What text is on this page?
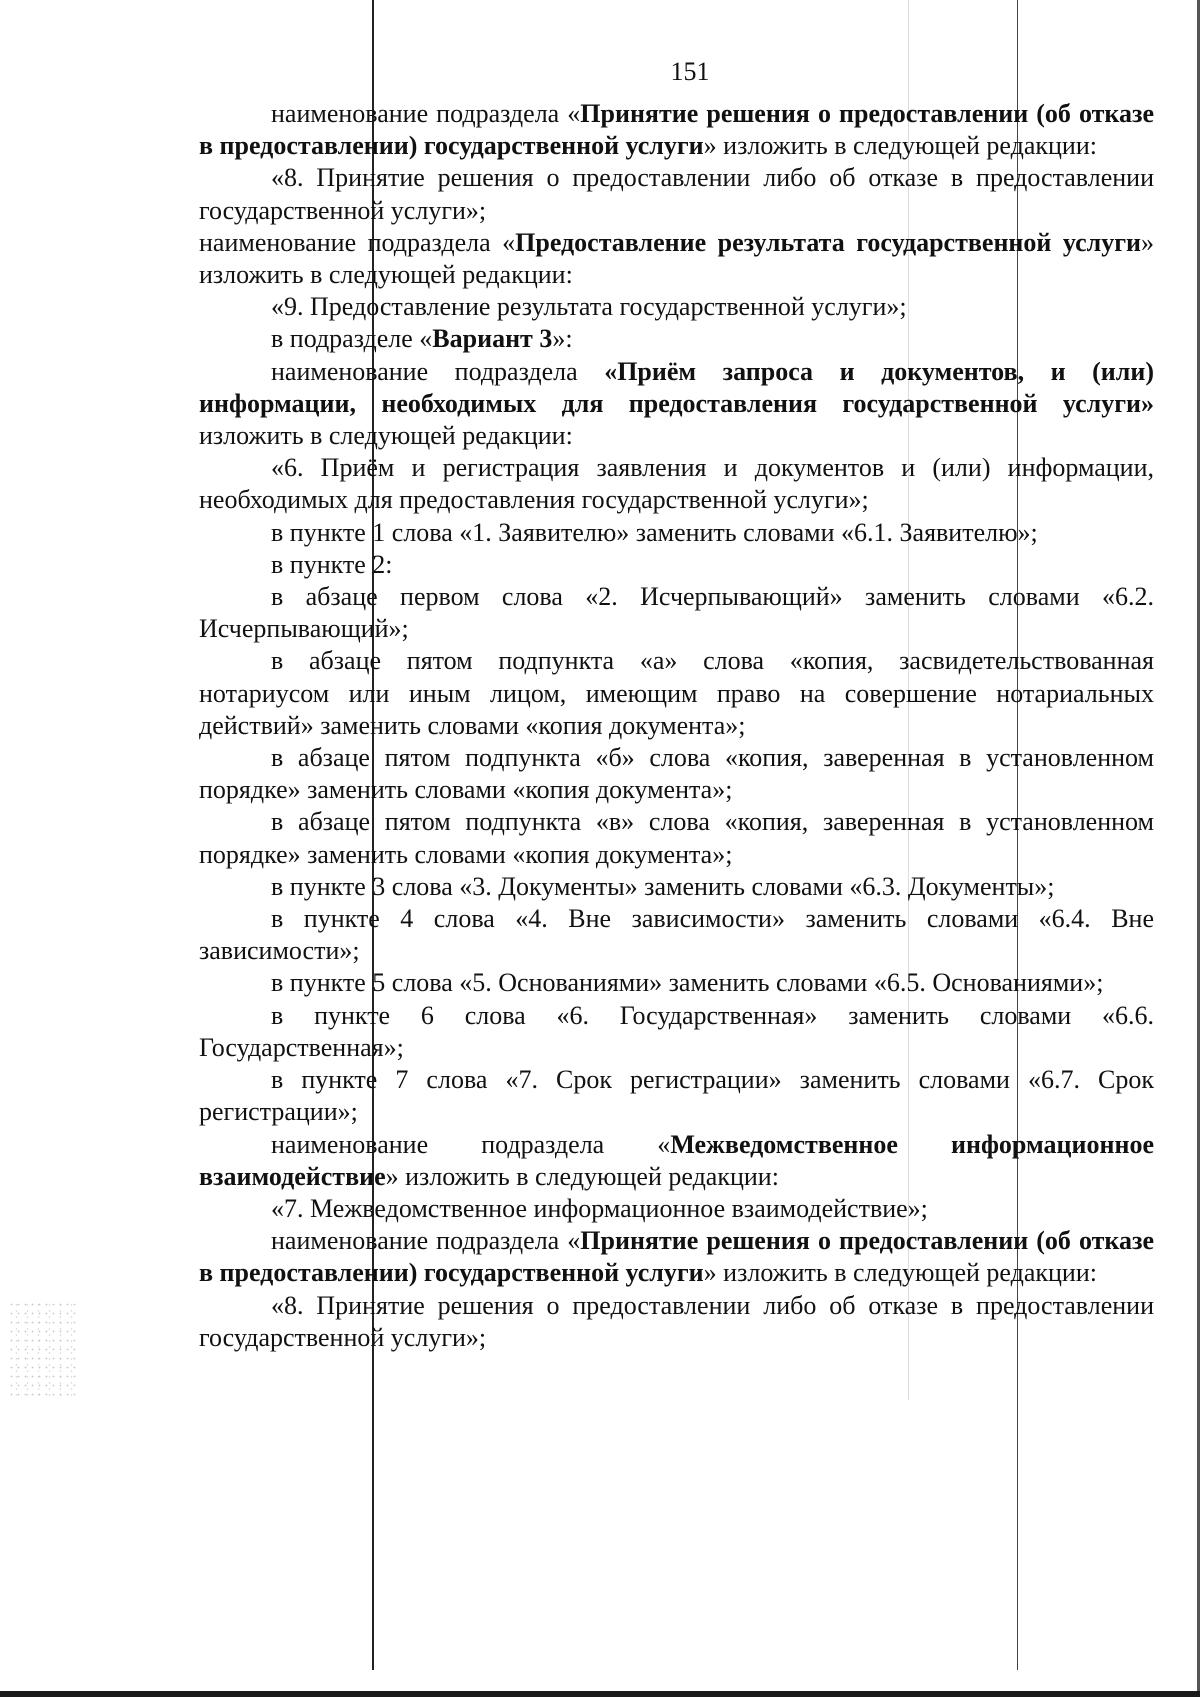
151

наименование подраздела «Принятие решения о предоставлении (об отказе в предоставлении) государственной услуги» изложить в следующей редакции:

«8. Принятие решения о предоставлении либо об отказе в предоставлении государственной услуги»;

наименование подраздела «Предоставление результата государственной услуги» изложить в следующей редакции:

«9. Предоставление результата государственной услуги»;

в подразделе «Вариант 3»:

наименование подраздела «Приём запроса и документов, и (или) информации, необходимых для предоставления государственной услуги» изложить в следующей редакции:

«6. Приём и регистрация заявления и документов и (или) информации, необходимых для предоставления государственной услуги»;

в пункте 1 слова «1. Заявителю» заменить словами «6.1. Заявителю»;

в пункте 2:

в абзаце первом слова «2. Исчерпывающий» заменить словами «6.2. Исчерпывающий»;

в абзаце пятом подпункта «а» слова «копия, засвидетельствованная нотариусом или иным лицом, имеющим право на совершение нотариальных действий» заменить словами «копия документа»;

в абзаце пятом подпункта «б» слова «копия, заверенная в установленном порядке» заменить словами «копия документа»;

в абзаце пятом подпункта «в» слова «копия, заверенная в установленном порядке» заменить словами «копия документа»;

в пункте 3 слова «3. Документы» заменить словами «6.3. Документы»;

в пункте 4 слова «4. Вне зависимости» заменить словами «6.4. Вне зависимости»;

в пункте 5 слова «5. Основаниями» заменить словами «6.5. Основаниями»;

в пункте 6 слова «6. Государственная» заменить словами «6.6. Государственная»;

в пункте 7 слова «7. Срок регистрации» заменить словами «6.7. Срок регистрации»;

наименование подраздела «Межведомственное информационное взаимодействие» изложить в следующей редакции:

«7. Межведомственное информационное взаимодействие»;

наименование подраздела «Принятие решения о предоставлении (об отказе в предоставлении) государственной услуги» изложить в следующей редакции:

«8. Принятие решения о предоставлении либо об отказе в предоставлении государственной услуги»;
